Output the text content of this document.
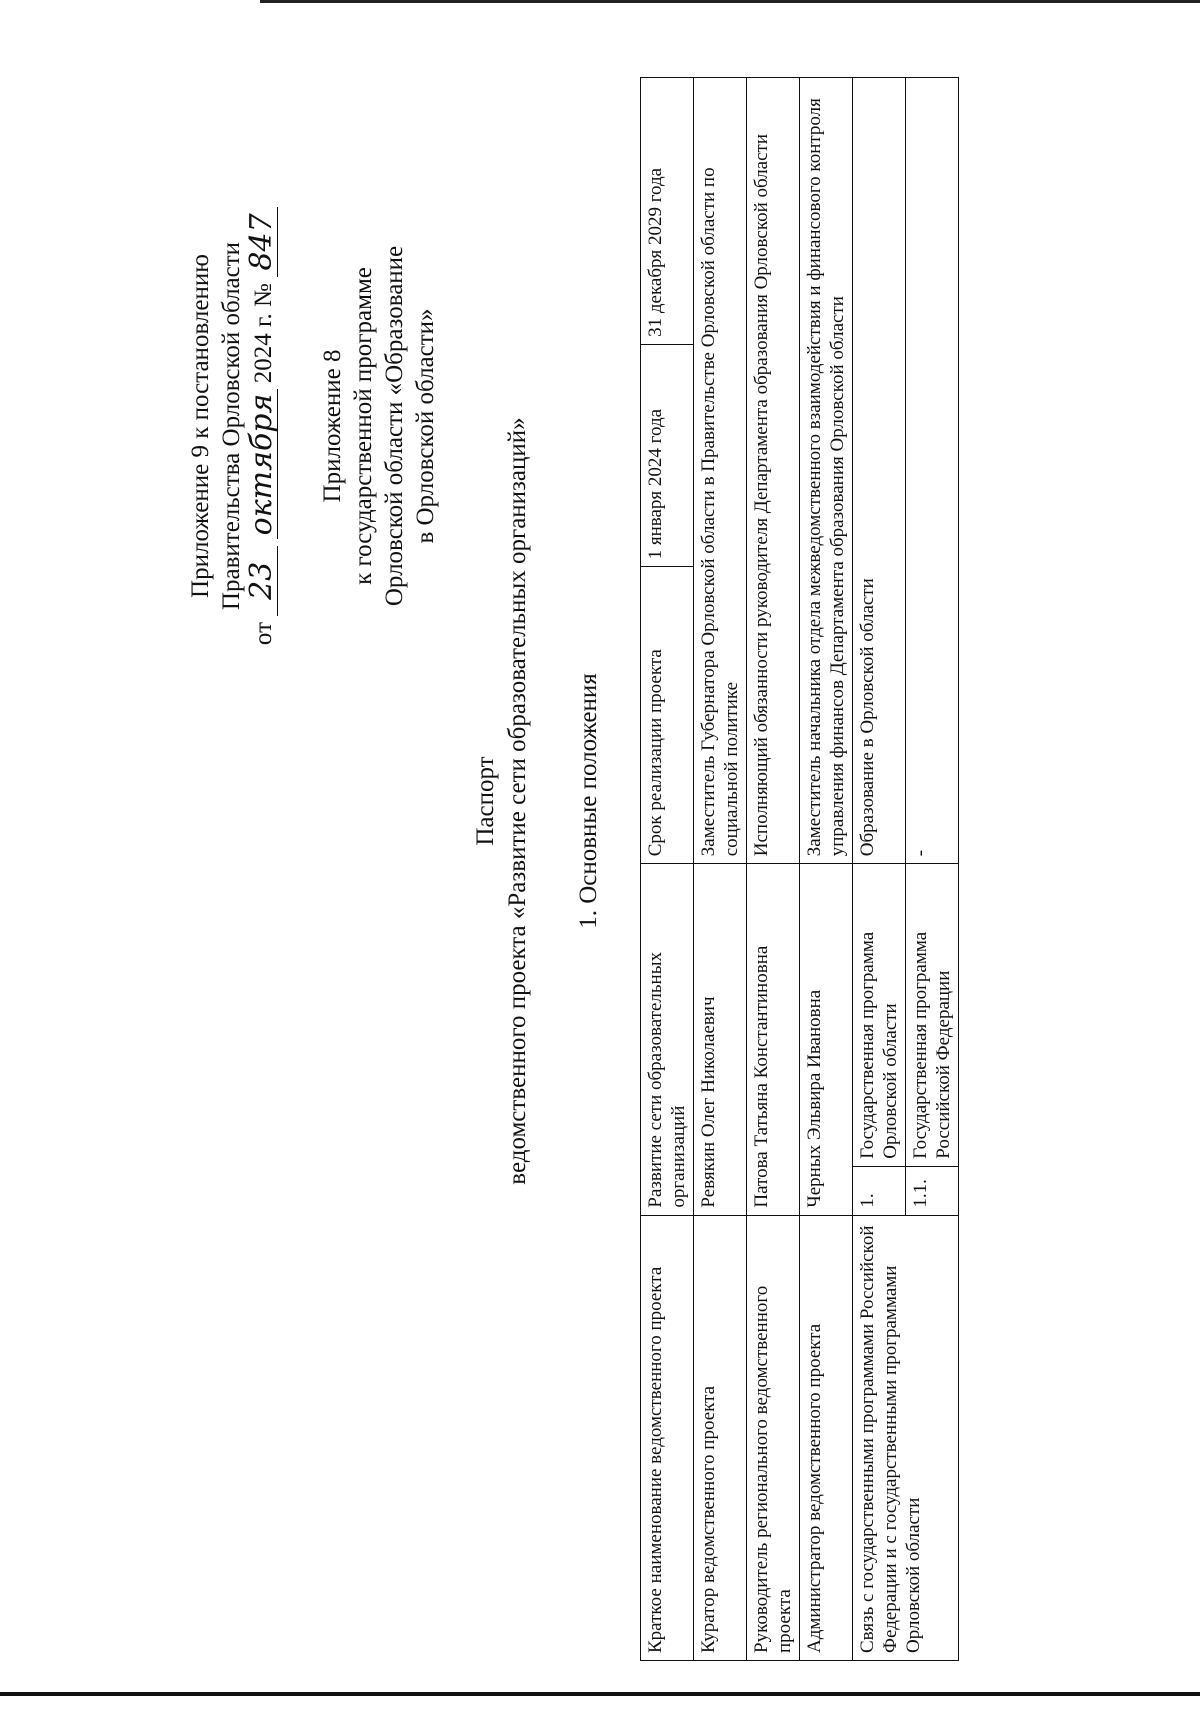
Приложение 9 к постановлению Правительства Орловской области
от 23 октября 2024 г. № 847
Приложение 8 к государственной программе Орловской области «Образование в Орловской области»
Паспорт ведомственного проекта «Развитие сети образовательных организаций» 1. Основные положения
Краткое наименование ведомственного проекта	Развитие сети образовательных организаций		Срок реализации проекта	1 января 2024 года	31 декабря 2029 года
Куратор ведомственного проекта	Ревякин Олег Николаевич		Заместитель Губернатора Орловской области в Правительстве Орловской области по социальной политике		
Руководитель регионального ведомственного проекта	Патова Татьяна Константиновна		Исполняющий обязанности руководителя Департамента образования Орловской области		
Администратор ведомственного проекта	Черных Эльвира Ивановна		Заместитель начальника отдела межведомственного взаимодействия и финансового контроля управления финансов Департамента образования Орловской области		
Связь с государственными программами Российской Федерации и с государственными программами Орловской области	1.	Государственная программа Орловской области	Образование в Орловской области		
	1.1.	Государственная программа Российской Федерации	-		
